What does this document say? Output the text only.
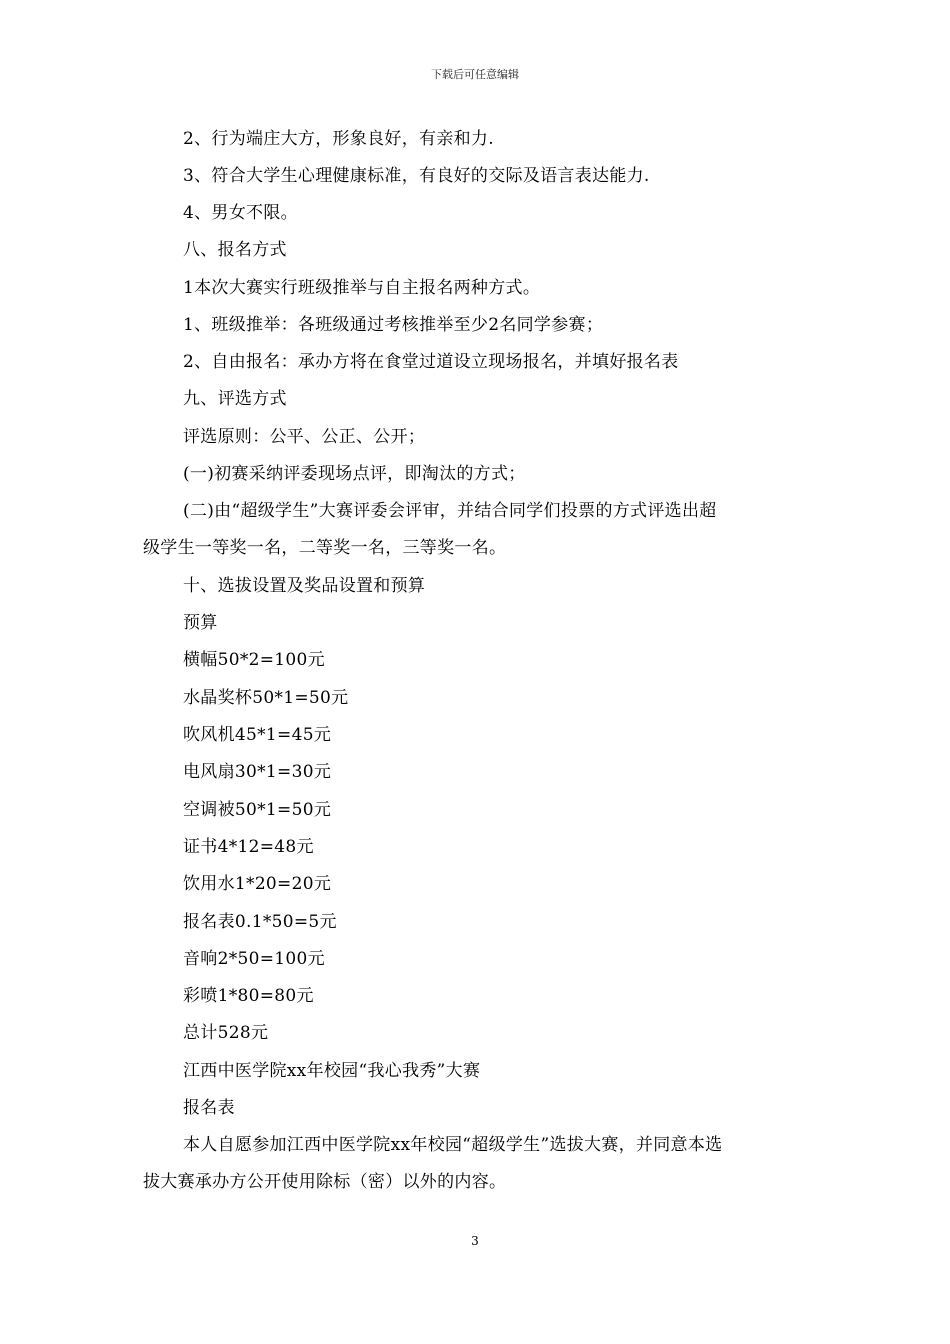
下载后可任意编辑
2、行为端庄大方，形象良好，有亲和力.
3、符合大学生心理健康标准，有良好的交际及语言表达能力.
4、男女不限。
八、报名方式
1本次大赛实行班级推举与自主报名两种方式。
1、班级推举：各班级通过考核推举至少2名同学参赛；
2、自由报名：承办方将在食堂过道设立现场报名，并填好报名表
九、评选方式
评选原则：公平、公正、公开；
(一)初赛采纳评委现场点评，即淘汰的方式；
(二)由“超级学生”大赛评委会评审，并结合同学们投票的方式评选出超
级学生一等奖一名，二等奖一名，三等奖一名。
十、选拔设置及奖品设置和预算
预算
横幅50*2=100元
水晶奖杯50*1=50元
吹风机45*1=45元
电风扇30*1=30元
空调被50*1=50元
证书4*12=48元
饮用水1*20=20元
报名表0.1*50=5元
音响2*50=100元
彩喷1*80=80元
总计528元
江西中医学院xx年校园“我心我秀”大赛
报名表
本人自愿参加江西中医学院xx年校园“超级学生”选拔大赛，并同意本选
拔大赛承办方公开使用除标（密）以外的内容。
3
